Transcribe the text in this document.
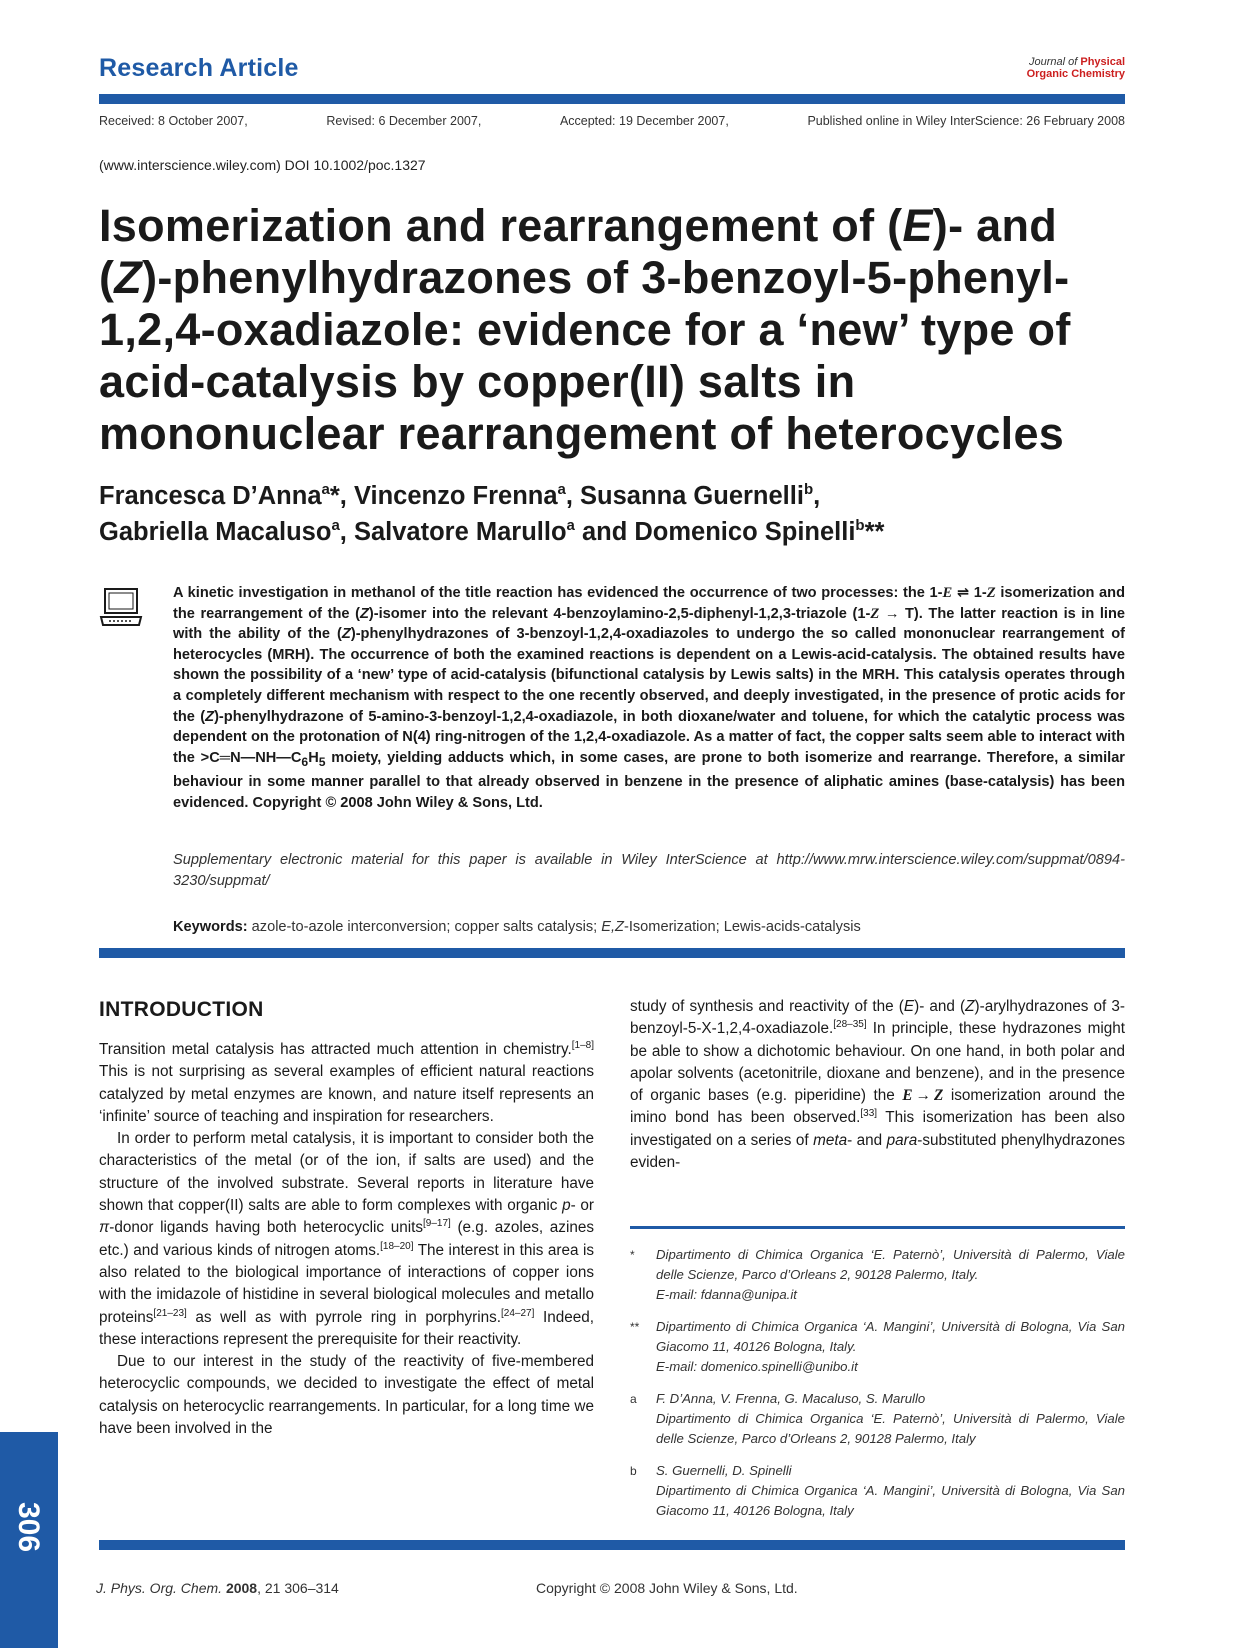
Research Article	Journal of Physical
Organic Chemistry
Received: 8 October 2007,	Revised: 6 December 2007,	Accepted: 19 December 2007,	Published online in Wiley InterScience: 26 February 2008
(www.interscience.wiley.com) DOI 10.1002/poc.1327
Isomerization and rearrangement of (E)- and (Z)-phenylhydrazones of 3-benzoyl-5-phenyl-1,2,4-oxadiazole: evidence for a ‘new’ type of acid-catalysis by copper(II) salts in mononuclear rearrangement of heterocycles
Francesca D’Anna$^a$*, Vincenzo Frenna$^a$, Susanna Guernelli$^b$,
Gabriella Macaluso$^a$, Salvatore Marullo$^a$ and Domenico Spinelli$^b$**
A kinetic investigation in methanol of the title reaction has evidenced the occurrence of two processes: the 1-E ⇌ 1-Z isomerization and the rearrangement of the (Z)-isomer into the relevant 4-benzoylamino-2,5-diphenyl-1,2,3-triazole (1-Z → T). The latter reaction is in line with the ability of the (Z)-phenylhydrazones of 3-benzoyl-1,2,4-oxadiazoles to undergo the so called mononuclear rearrangement of heterocycles (MRH). The occurrence of both the examined reactions is dependent on a Lewis-acid-catalysis. The obtained results have shown the possibility of a ‘new’ type of acid-catalysis (bifunctional catalysis by Lewis salts) in the MRH. This catalysis operates through a completely different mechanism with respect to the one recently observed, and deeply investigated, in the presence of protic acids for the (Z)-phenylhydrazone of 5-amino-3-benzoyl-1,2,4-oxadiazole, in both dioxane/water and toluene, for which the catalytic process was dependent on the protonation of N(4) ring-nitrogen of the 1,2,4-oxadiazole. As a matter of fact, the copper salts seem able to interact with the $>C═N—NH—C_6H_5$ moiety, yielding adducts which, in some cases, are prone to both isomerize and rearrange. Therefore, a similar behaviour in some manner parallel to that already observed in benzene in the presence of aliphatic amines (base-catalysis) has been evidenced. Copyright © 2008 John Wiley & Sons, Ltd.
Supplementary electronic material for this paper is available in Wiley InterScience at http://www.mrw.interscience.wiley.com/suppmat/0894-3230/suppmat/
Keywords: azole-to-azole interconversion; copper salts catalysis; E,Z-Isomerization; Lewis-acids-catalysis
INTRODUCTION

Transition metal catalysis has attracted much attention in chemistry.[1–8] This is not surprising as several examples of efficient natural reactions catalyzed by metal enzymes are known, and nature itself represents an ‘infinite’ source of teaching and inspiration for researchers.

In order to perform metal catalysis, it is important to consider both the characteristics of the metal (or of the ion, if salts are used) and the structure of the involved substrate. Several reports in literature have shown that copper(II) salts are able to form complexes with organic p- or π-donor ligands having both heterocyclic units[9–17] (e.g. azoles, azines etc.) and various kinds of nitrogen atoms.[18–20] The interest in this area is also related to the biological importance of interactions of copper ions with the imidazole of histidine in several biological molecules and metallo proteins[21–23] as well as with pyrrole ring in porphyrins.[24–27] Indeed, these interactions represent the prerequisite for their reactivity.

Due to our interest in the study of the reactivity of five-membered heterocyclic compounds, we decided to investigate the effect of metal catalysis on heterocyclic rearrangements. In particular, for a long time we have been involved in the

study of synthesis and reactivity of the (E)- and (Z)-arylhydrazones of 3-benzoyl-5-X-1,2,4-oxadiazole.[28–35] In principle, these hydrazones might be able to show a dichotomic behaviour. On one hand, in both polar and apolar solvents (acetonitrile, dioxane and benzene), and in the presence of organic bases (e.g. piperidine) the E → Z isomerization around the imino bond has been observed.[33] This isomerization has been also investigated on a series of meta- and para-substituted phenylhydrazones eviden-

*	Dipartimento di Chimica Organica ‘E. Paternò’, Università di Palermo, Viale delle Scienze, Parco d’Orleans 2, 90128 Palermo, Italy.
E-mail: fdanna@unipa.it
**	Dipartimento di Chimica Organica ‘A. Mangini’, Università di Bologna, Via San Giacomo 11, 40126 Bologna, Italy.
E-mail: domenico.spinelli@unibo.it
a	F. D’Anna, V. Frenna, G. Macaluso, S. Marullo
Dipartimento di Chimica Organica ‘E. Paternò’, Università di Palermo, Viale delle Scienze, Parco d’Orleans 2, 90128 Palermo, Italy
b	S. Guernelli, D. Spinelli
Dipartimento di Chimica Organica ‘A. Mangini’, Università di Bologna, Via San Giacomo 11, 40126 Bologna, Italy
306
J. Phys. Org. Chem. 2008, 21 306–314	Copyright © 2008 John Wiley & Sons, Ltd.
